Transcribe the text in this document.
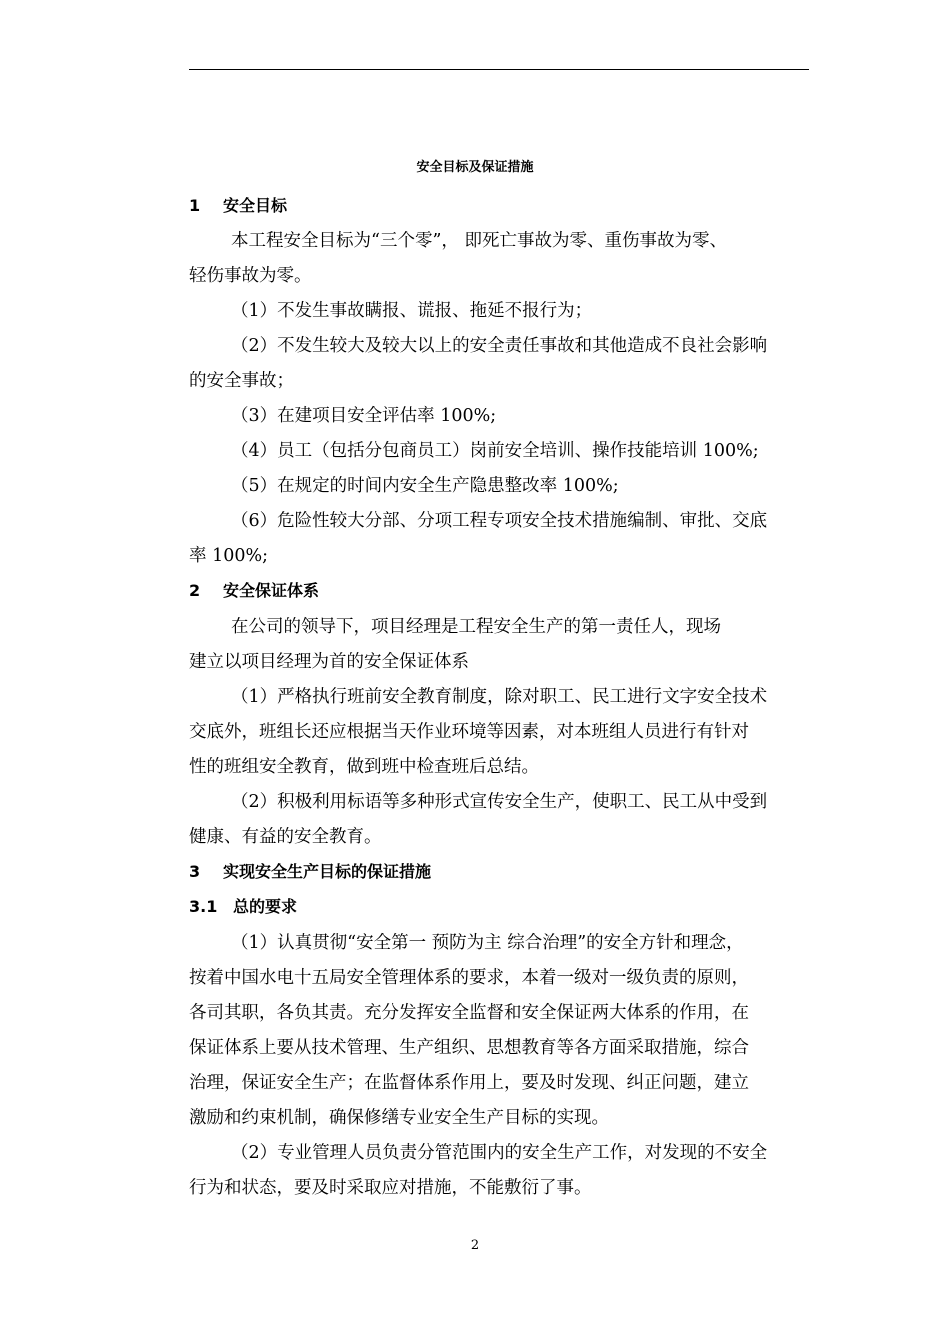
安全目标及保证措施
1 安全目标
本工程安全目标为“三个零”， 即死亡事故为零、重伤事故为零、
轻伤事故为零。
（1）不发生事故瞒报、谎报、拖延不报行为；
（2）不发生较大及较大以上的安全责任事故和其他造成不良社会影响
的安全事故；
（3）在建项目安全评估率 100%;
（4）员工（包括分包商员工）岗前安全培训、操作技能培训 100%;
（5）在规定的时间内安全生产隐患整改率 100%;
（6）危险性较大分部、分项工程专项安全技术措施编制、审批、交底
率 100%;
2 安全保证体系
在公司的领导下，项目经理是工程安全生产的第一责任人，现场
建立以项目经理为首的安全保证体系
（1）严格执行班前安全教育制度，除对职工、民工进行文字安全技术
交底外，班组长还应根据当天作业环境等因素，对本班组人员进行有针对
性的班组安全教育，做到班中检查班后总结。
（2）积极利用标语等多种形式宣传安全生产，使职工、民工从中受到
健康、有益的安全教育。
3 实现安全生产目标的保证措施
3.1 总的要求
（1）认真贯彻“安全第一 预防为主 综合治理”的安全方针和理念，
按着中国水电十五局安全管理体系的要求，本着一级对一级负责的原则，
各司其职，各负其责。充分发挥安全监督和安全保证两大体系的作用，在
保证体系上要从技术管理、生产组织、思想教育等各方面采取措施，综合
治理，保证安全生产；在监督体系作用上，要及时发现、纠正问题，建立
激励和约束机制，确保修缮专业安全生产目标的实现。
（2）专业管理人员负责分管范围内的安全生产工作，对发现的不安全
行为和状态，要及时采取应对措施，不能敷衍了事。
2
